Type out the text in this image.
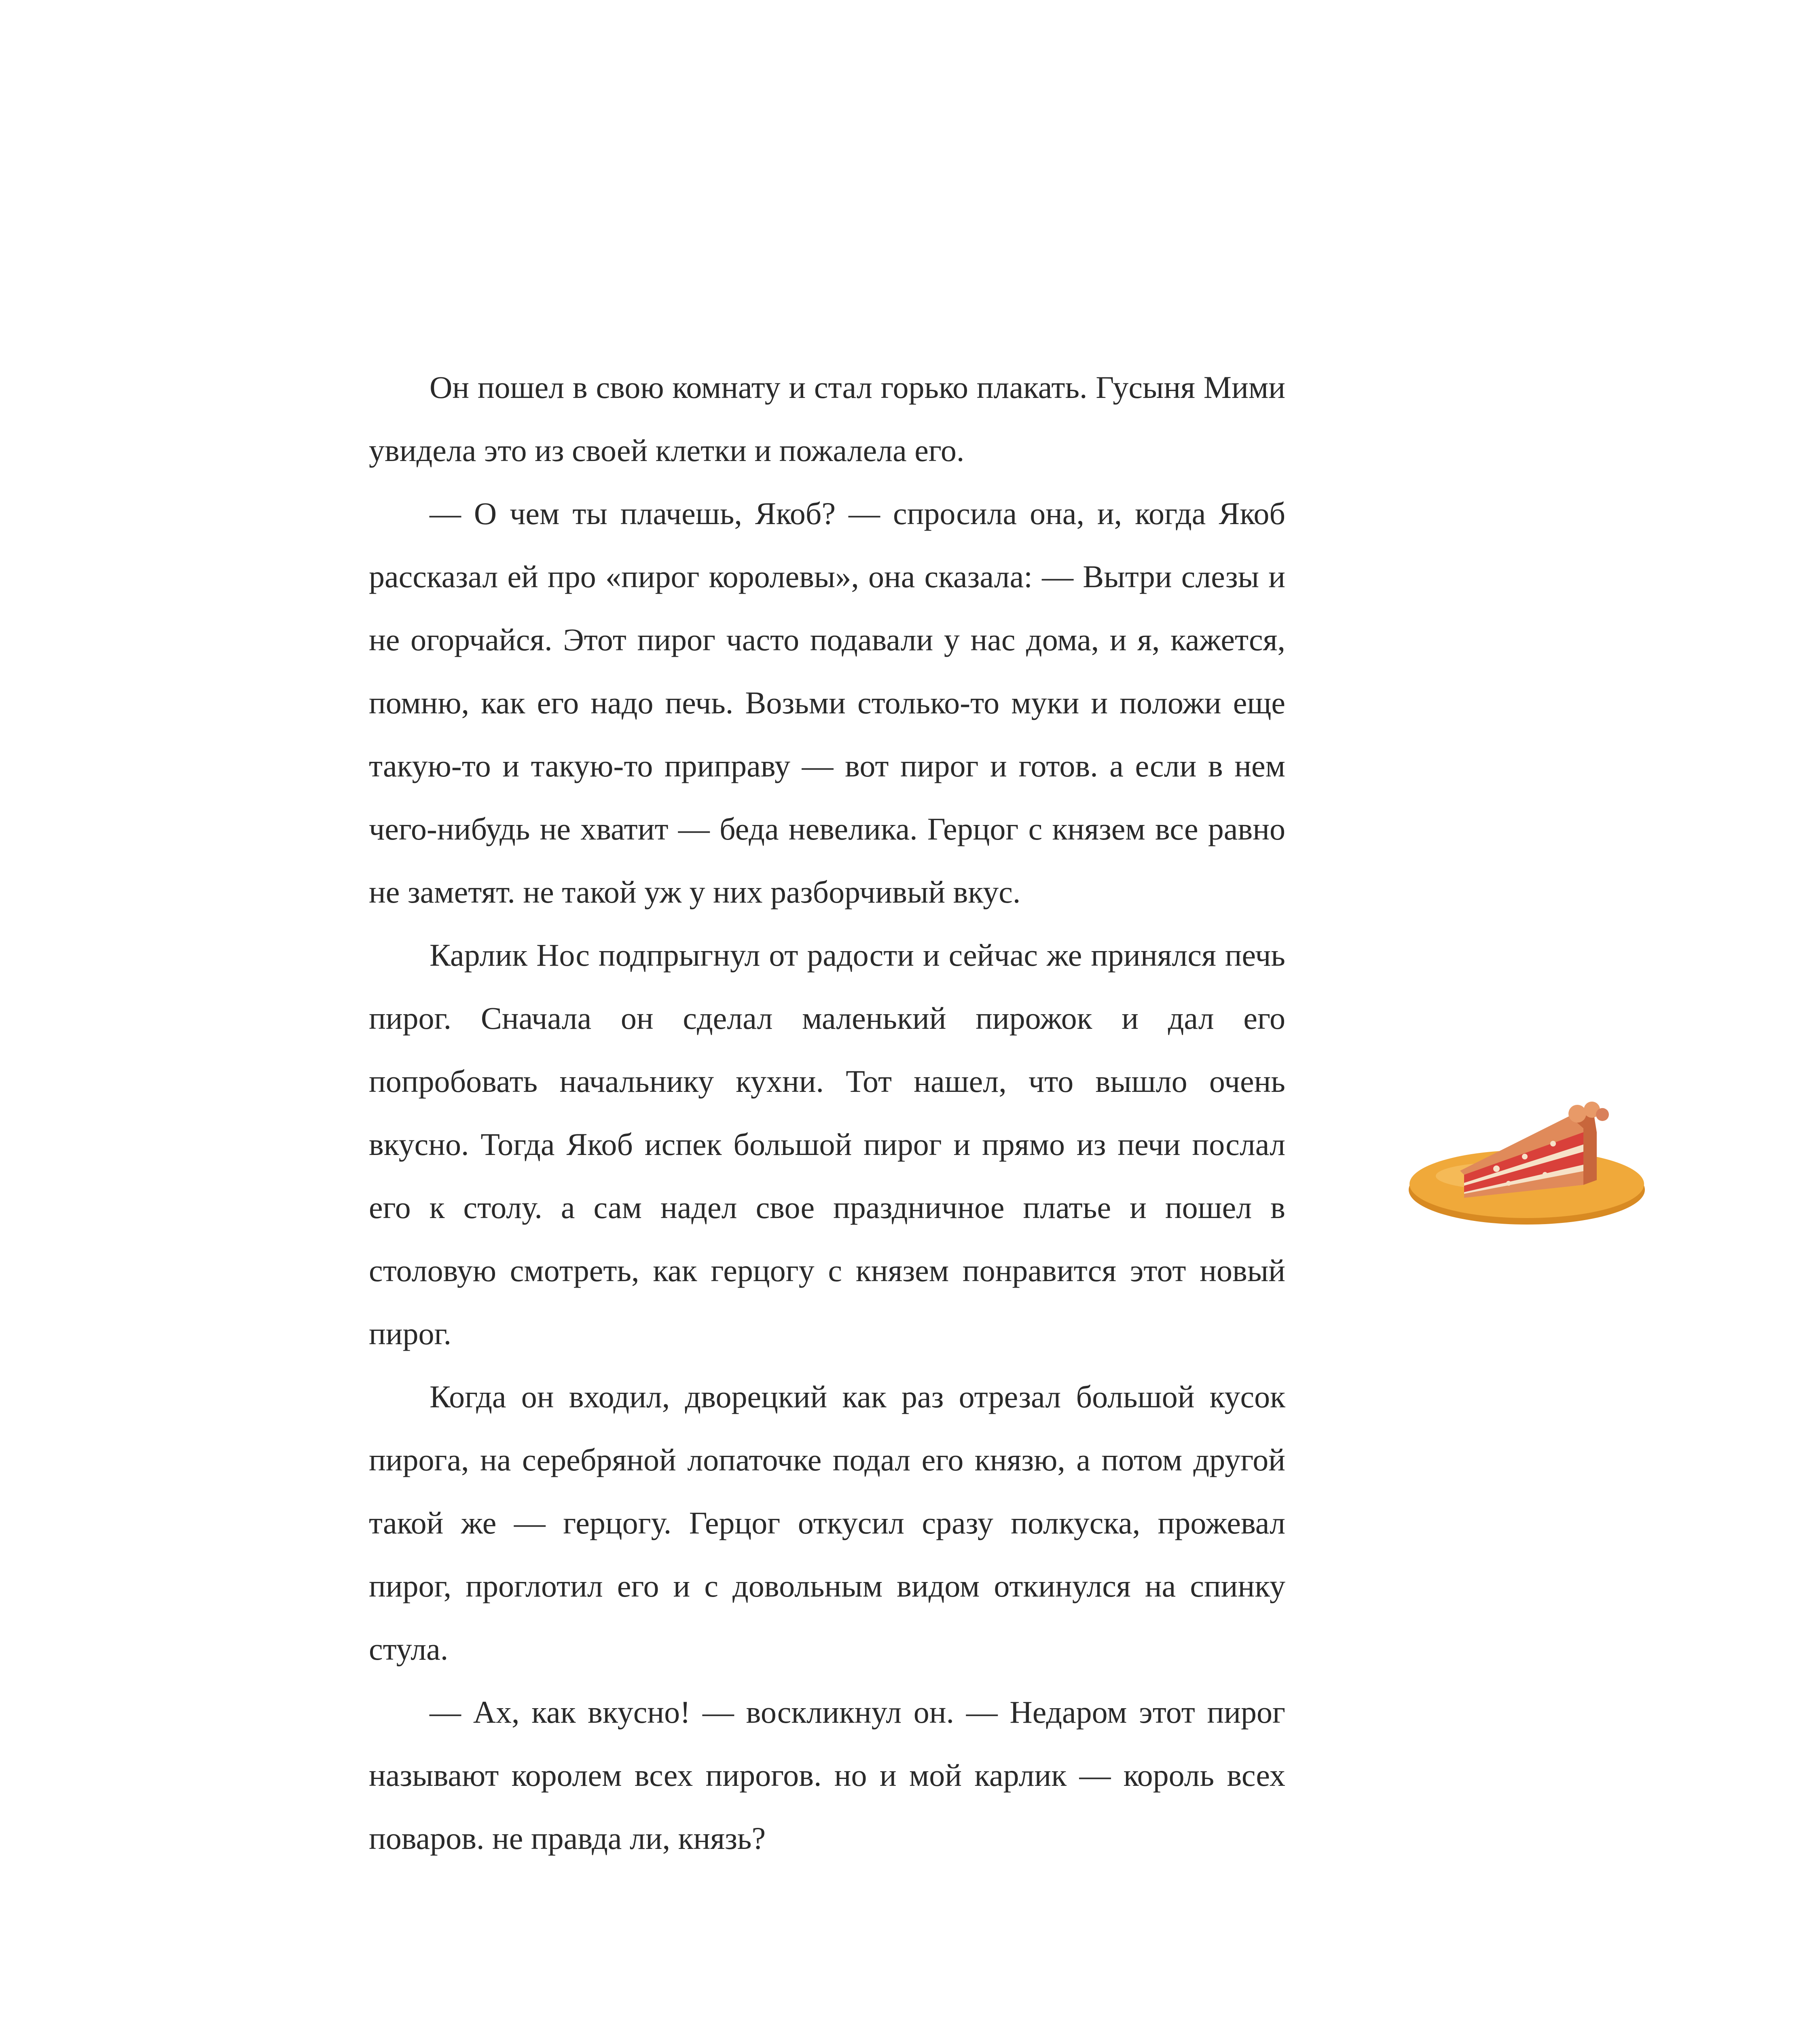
Он пошел в свою комнату и стал горько плакать. Гусыня Мими увидела это из своей клетки и пожалела его.

— О чем ты плачешь, Якоб? — спросила она, и, когда Якоб рассказал ей про «пирог королевы», она сказала: — Вытри слезы и не огорчайся. Этот пирог часто подавали у нас дома, и я, кажется, помню, как его надо печь. Возьми столько-то муки и положи еще такую-то и такую-то приправу — вот пирог и готов. а если в нем чего-нибудь не хватит — беда невелика. Герцог с князем все равно не заметят. не такой уж у них разборчивый вкус.

Карлик Нос подпрыгнул от радости и сейчас же принялся печь пирог. Сначала он сделал маленький пирожок и дал его попробовать начальнику кухни. Тот нашел, что вышло очень вкусно. Тогда Якоб испек большой пирог и прямо из печи послал его к столу. а сам надел свое праздничное платье и пошел в столовую смотреть, как герцогу с князем понравится этот новый пирог.

Когда он входил, дворецкий как раз отрезал большой кусок пирога, на серебряной лопаточке подал его князю, а потом другой такой же — герцогу. Герцог откусил сразу полкуска, прожевал пирог, проглотил его и с довольным видом откинулся на спинку стула.

— Ах, как вкусно! — воскликнул он. — Недаром этот пирог называют королем всех пирогов. но и мой карлик — король всех поваров. не правда ли, князь?
